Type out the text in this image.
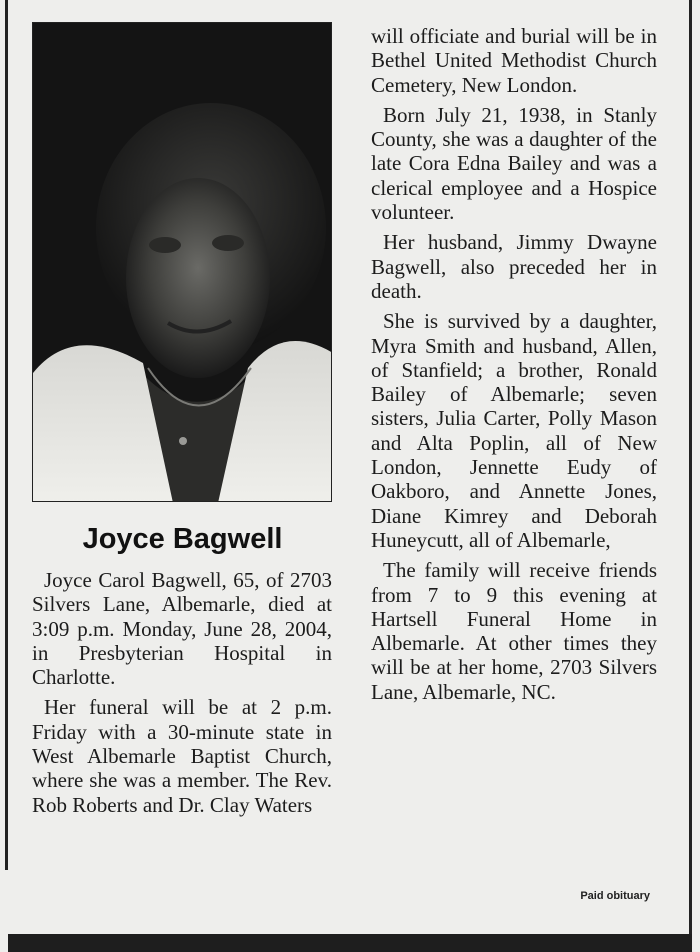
Joyce Bagwell

Joyce Carol Bagwell, 65, of 2703 Silvers Lane, Albemarle, died at 3:09 p.m. Monday, June 28, 2004, in Presbyterian Hospital in Charlotte.

Her funeral will be at 2 p.m. Friday with a 30-minute state in West Albemarle Baptist Church, where she was a member. The Rev. Rob Roberts and Dr. Clay Waters

will officiate and burial will be in Bethel United Methodist Church Cemetery, New London.

Born July 21, 1938, in Stanly County, she was a daughter of the late Cora Edna Bailey and was a clerical employee and a Hospice volunteer.

Her husband, Jimmy Dwayne Bagwell, also preceded her in death.

She is survived by a daughter, Myra Smith and husband, Allen, of Stanfield; a brother, Ronald Bailey of Albemarle; seven sisters, Julia Carter, Polly Mason and Alta Poplin, all of New London, Jennette Eudy of Oakboro, and Annette Jones, Diane Kimrey and Deborah Huneycutt, all of Albemarle,

The family will receive friends from 7 to 9 this evening at Hartsell Funeral Home in Albemarle. At other times they will be at her home, 2703 Silvers Lane, Albemarle, NC.

Paid obituary
